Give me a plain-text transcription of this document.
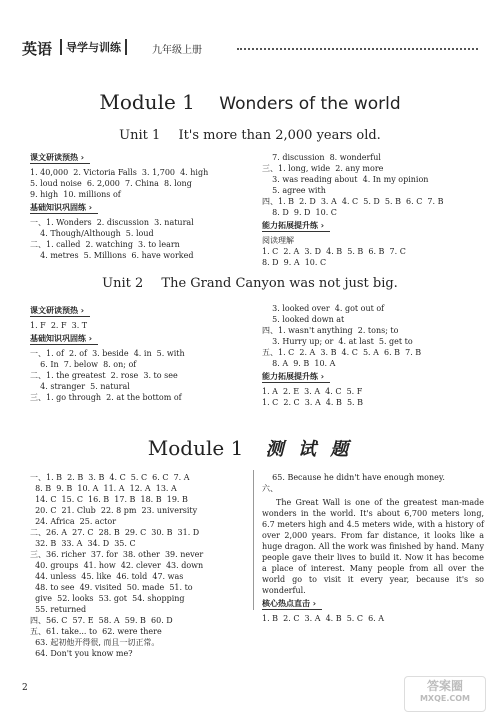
英语	导学与训练	九年级上册
Module 1 Wonders of the world
Unit 1 It's more than 2,000 years old.
课文研读预热 ›
1. 40,000  2. Victoria Falls  3. 1,700  4. high
5. loud noise  6. 2,000  7. China  8. long
9. high  10. millions of
基础知识巩固练 ›
一、1. Wonders  2. discussion  3. natural
4. Though/Although  5. loud
二、1. called  2. watching  3. to learn
4. metres  5. Millions  6. have worked
7. discussion  8. wonderful
三、1. long, wide  2. any more
3. was reading about  4. In my opinion
5. agree with
四、1. B  2. D  3. A  4. C  5. D  5. B  6. C  7. B
8. D  9. D  10. C
能力拓展提升练 ›
阅读理解
1. C  2. A  3. D  4. B  5. B  6. B  7. C
8. D  9. A  10. C
Unit 2 The Grand Canyon was not just big.
课文研读预热 ›
1. F  2. F  3. T
基础知识巩固练 ›
一、1. of  2. of  3. beside  4. in  5. with
6. In  7. below  8. on; of
二、1. the greatest  2. rose  3. to see
4. stranger  5. natural
三、1. go through  2. at the bottom of
3. looked over  4. got out of
5. looked down at
四、1. wasn't anything  2. tons; to
3. Hurry up; or  4. at last  5. get to
五、1. C  2. A  3. B  4. C  5. A  6. B  7. B
8. A  9. B  10. A
能力拓展提升练 ›
1. A  2. E  3. A  4. C  5. F
1. C  2. C  3. A  4. B  5. B
Module 1 测 试 题
一、1. B  2. B  3. B  4. C  5. C  6. C  7. A
8. B  9. B  10. A  11. A  12. A  13. A
14. C  15. C  16. B  17. B  18. B  19. B
20. C  21. Club  22. 8 pm  23. university
24. Africa  25. actor
二、26. A  27. C  28. B  29. C  30. B  31. D
32. B  33. A  34. D  35. C
三、36. richer  37. for  38. other  39. never
40. groups  41. how  42. clever  43. down
44. unless  45. like  46. told  47. was
48. to see  49. visited  50. made  51. to
give  52. looks  53. got  54. shopping
55. returned
四、56. C  57. E  58. A  59. B  60. D
五、61. take... to  62. were there
63. 起初他开得很, 而且一切正常。
64. Don't you know me?
65. Because he didn't have enough money.
六、
The Great Wall is one of the greatest man-made wonders in the world. It's about 6,700 meters long, 6.7 meters high and 4.5 meters wide, with a history of over 2,000 years. From far distance, it looks like a huge dragon. All the work was finished by hand. Many people gave their lives to build it. Now it has become a place of interest. Many people from all over the world go to visit it every year, because it's so wonderful.
核心热点直击 ›
1. B  2. C  3. A  4. B  5. C  6. A
2	答案圈
MXQE.COM
